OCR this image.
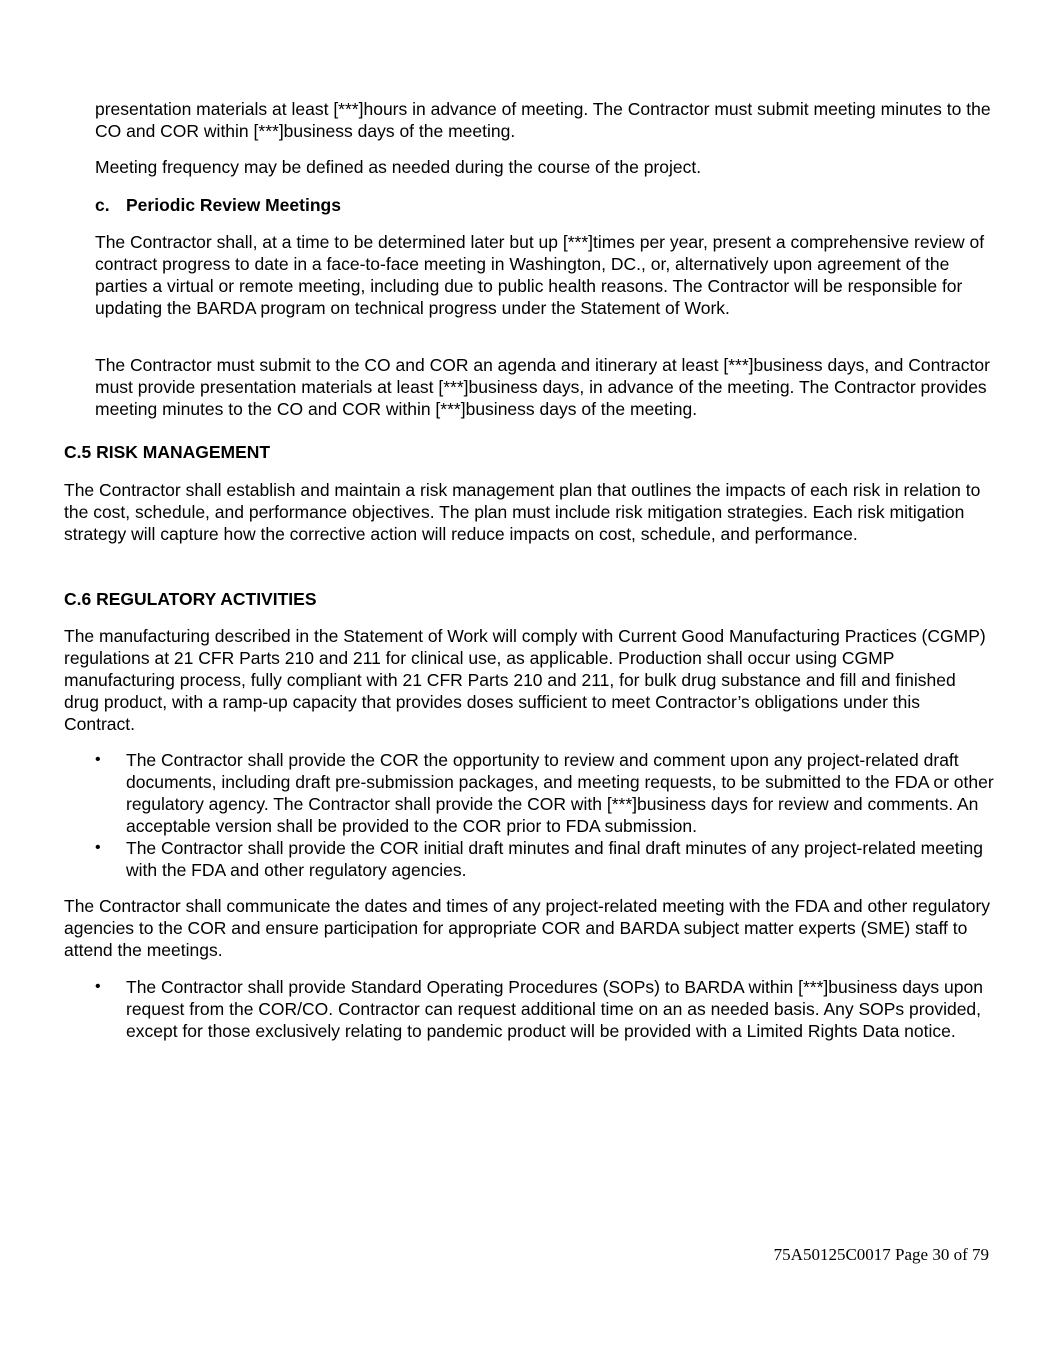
presentation materials at least [***]hours in advance of meeting. The Contractor must submit meeting minutes to the CO and COR within [***]business days of the meeting.

Meeting frequency may be defined as needed during the course of the project.

c. Periodic Review Meetings

The Contractor shall, at a time to be determined later but up [***]times per year, present a comprehensive review of contract progress to date in a face-to-face meeting in Washington, DC., or, alternatively upon agreement of the parties a virtual or remote meeting, including due to public health reasons. The Contractor will be responsible for updating the BARDA program on technical progress under the Statement of Work.

The Contractor must submit to the CO and COR an agenda and itinerary at least [***]business days, and Contractor must provide presentation materials at least [***]business days, in advance of the meeting. The Contractor provides meeting minutes to the CO and COR within [***]business days of the meeting.

C.5 RISK MANAGEMENT

The Contractor shall establish and maintain a risk management plan that outlines the impacts of each risk in relation to the cost, schedule, and performance objectives. The plan must include risk mitigation strategies. Each risk mitigation strategy will capture how the corrective action will reduce impacts on cost, schedule, and performance.

C.6 REGULATORY ACTIVITIES

The manufacturing described in the Statement of Work will comply with Current Good Manufacturing Practices (CGMP) regulations at 21 CFR Parts 210 and 211 for clinical use, as applicable. Production shall occur using CGMP manufacturing process, fully compliant with 21 CFR Parts 210 and 211, for bulk drug substance and fill and finished drug product, with a ramp-up capacity that provides doses sufficient to meet Contractor’s obligations under this Contract.

•	The Contractor shall provide the COR the opportunity to review and comment upon any project-related draft documents, including draft pre-submission packages, and meeting requests, to be submitted to the FDA or other regulatory agency. The Contractor shall provide the COR with [***]business days for review and comments. An acceptable version shall be provided to the COR prior to FDA submission.
•	The Contractor shall provide the COR initial draft minutes and final draft minutes of any project-related meeting with the FDA and other regulatory agencies.

The Contractor shall communicate the dates and times of any project-related meeting with the FDA and other regulatory agencies to the COR and ensure participation for appropriate COR and BARDA subject matter experts (SME) staff to attend the meetings.

•	The Contractor shall provide Standard Operating Procedures (SOPs) to BARDA within [***]business days upon request from the COR/CO. Contractor can request additional time on an as needed basis. Any SOPs provided, except for those exclusively relating to pandemic product will be provided with a Limited Rights Data notice.
75A50125C0017 Page 30 of 79
